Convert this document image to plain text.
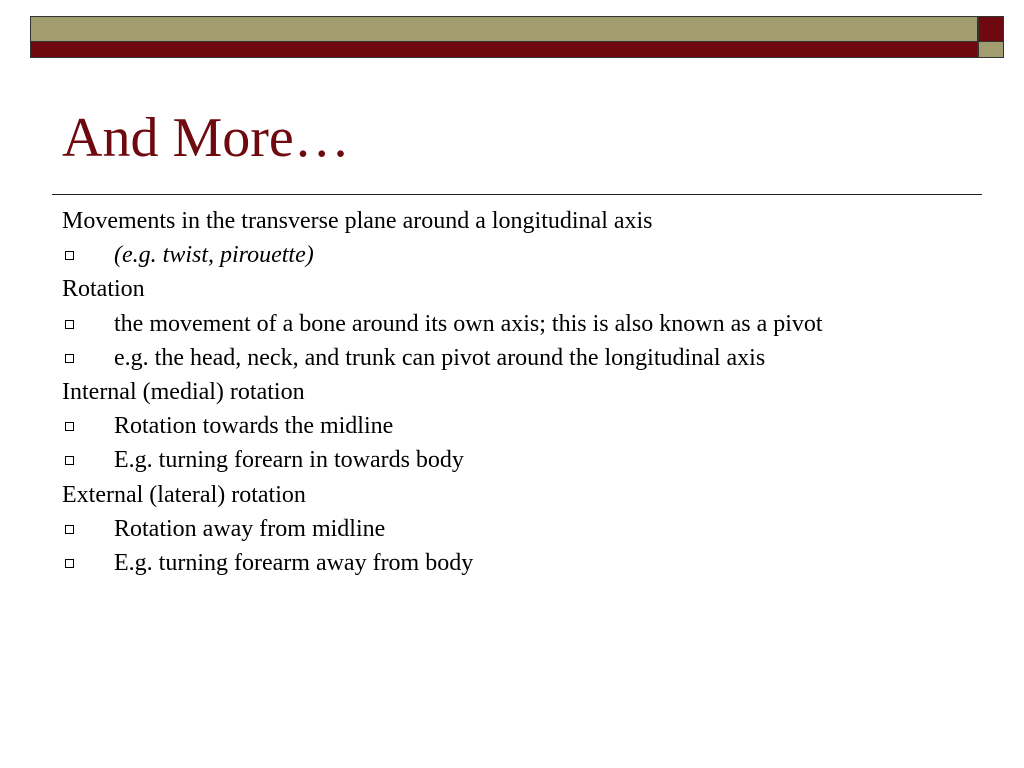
And More…
Movements in the transverse plane around a longitudinal axis
(e.g. twist, pirouette)
Rotation
the movement of a bone around its own axis; this is also known as a pivot
e.g. the head, neck, and trunk can pivot around the longitudinal axis
Internal (medial) rotation
Rotation towards the midline
E.g. turning forearn in towards body
External (lateral) rotation
Rotation away from midline
E.g. turning forearm away from body
